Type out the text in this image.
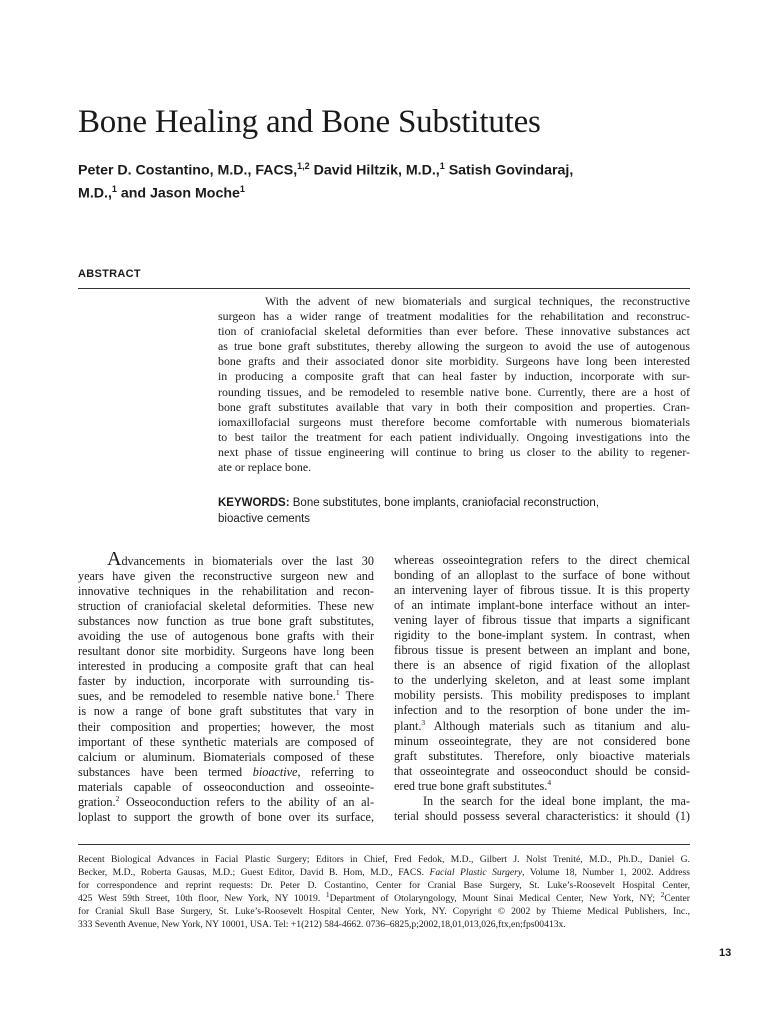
Bone Healing and Bone Substitutes
Peter D. Costantino, M.D., FACS,$^{1,2}$ David Hiltzik, M.D.,$^1$ Satish Govindaraj,
M.D.,$^1$ and Jason Moche$^1$
ABSTRACT
With the advent of new biomaterials and surgical techniques, the reconstructive
surgeon has a wider range of treatment modalities for the rehabilitation and reconstruc-
tion of craniofacial skeletal deformities than ever before. These innovative substances act
as true bone graft substitutes, thereby allowing the surgeon to avoid the use of autogenous
bone grafts and their associated donor site morbidity. Surgeons have long been interested
in producing a composite graft that can heal faster by induction, incorporate with sur-
rounding tissues, and be remodeled to resemble native bone. Currently, there are a host of
bone graft substitutes available that vary in both their composition and properties. Cran-
iomaxillofacial surgeons must therefore become comfortable with numerous biomaterials
to best tailor the treatment for each patient individually. Ongoing investigations into the
next phase of tissue engineering will continue to bring us closer to the ability to regener-
ate or replace bone.
KEYWORDS: Bone substitutes, bone implants, craniofacial reconstruction,
bioactive cements
Advancements in biomaterials over the last 30
years have given the reconstructive surgeon new and
innovative techniques in the rehabilitation and recon-
struction of craniofacial skeletal deformities. These new
substances now function as true bone graft substitutes,
avoiding the use of autogenous bone grafts with their
resultant donor site morbidity. Surgeons have long been
interested in producing a composite graft that can heal
faster by induction, incorporate with surrounding tis-
sues, and be remodeled to resemble native bone.$^1$ There
is now a range of bone graft substitutes that vary in
their composition and properties; however, the most
important of these synthetic materials are composed of
calcium or aluminum. Biomaterials composed of these
substances have been termed bioactive, referring to
materials capable of osseoconduction and osseointe-
gration.$^2$ Osseoconduction refers to the ability of an al-
loplast to support the growth of bone over its surface,
whereas osseointegration refers to the direct chemical
bonding of an alloplast to the surface of bone without
an intervening layer of fibrous tissue. It is this property
of an intimate implant-bone interface without an inter-
vening layer of fibrous tissue that imparts a significant
rigidity to the bone-implant system. In contrast, when
fibrous tissue is present between an implant and bone,
there is an absence of rigid fixation of the alloplast
to the underlying skeleton, and at least some implant
mobility persists. This mobility predisposes to implant
infection and to the resorption of bone under the im-
plant.$^3$ Although materials such as titanium and alu-
minum osseointegrate, they are not considered bone
graft substitutes. Therefore, only bioactive materials
that osseointegrate and osseoconduct should be consid-
ered true bone graft substitutes.$^4$
In the search for the ideal bone implant, the ma-
terial should possess several characteristics: it should (1)
Recent Biological Advances in Facial Plastic Surgery; Editors in Chief, Fred Fedok, M.D., Gilbert J. Nolst Trenité, M.D., Ph.D., Daniel G.
Becker, M.D., Roberta Gausas, M.D.; Guest Editor, David B. Hom, M.D., FACS. Facial Plastic Surgery, Volume 18, Number 1, 2002. Address
for correspondence and reprint requests: Dr. Peter D. Costantino, Center for Cranial Base Surgery, St. Luke’s-Roosevelt Hospital Center,
425 West 59th Street, 10th floor, New York, NY 10019. $^1$Department of Otolaryngology, Mount Sinai Medical Center, New York, NY; $^2$Center
for Cranial Skull Base Surgery, St. Luke’s-Roosevelt Hospital Center, New York, NY. Copyright © 2002 by Thieme Medical Publishers, Inc.,
333 Seventh Avenue, New York, NY 10001, USA. Tel: +1(212) 584-4662. 0736–6825,p;2002,18,01,013,026,ftx,en;fps00413x.
13
